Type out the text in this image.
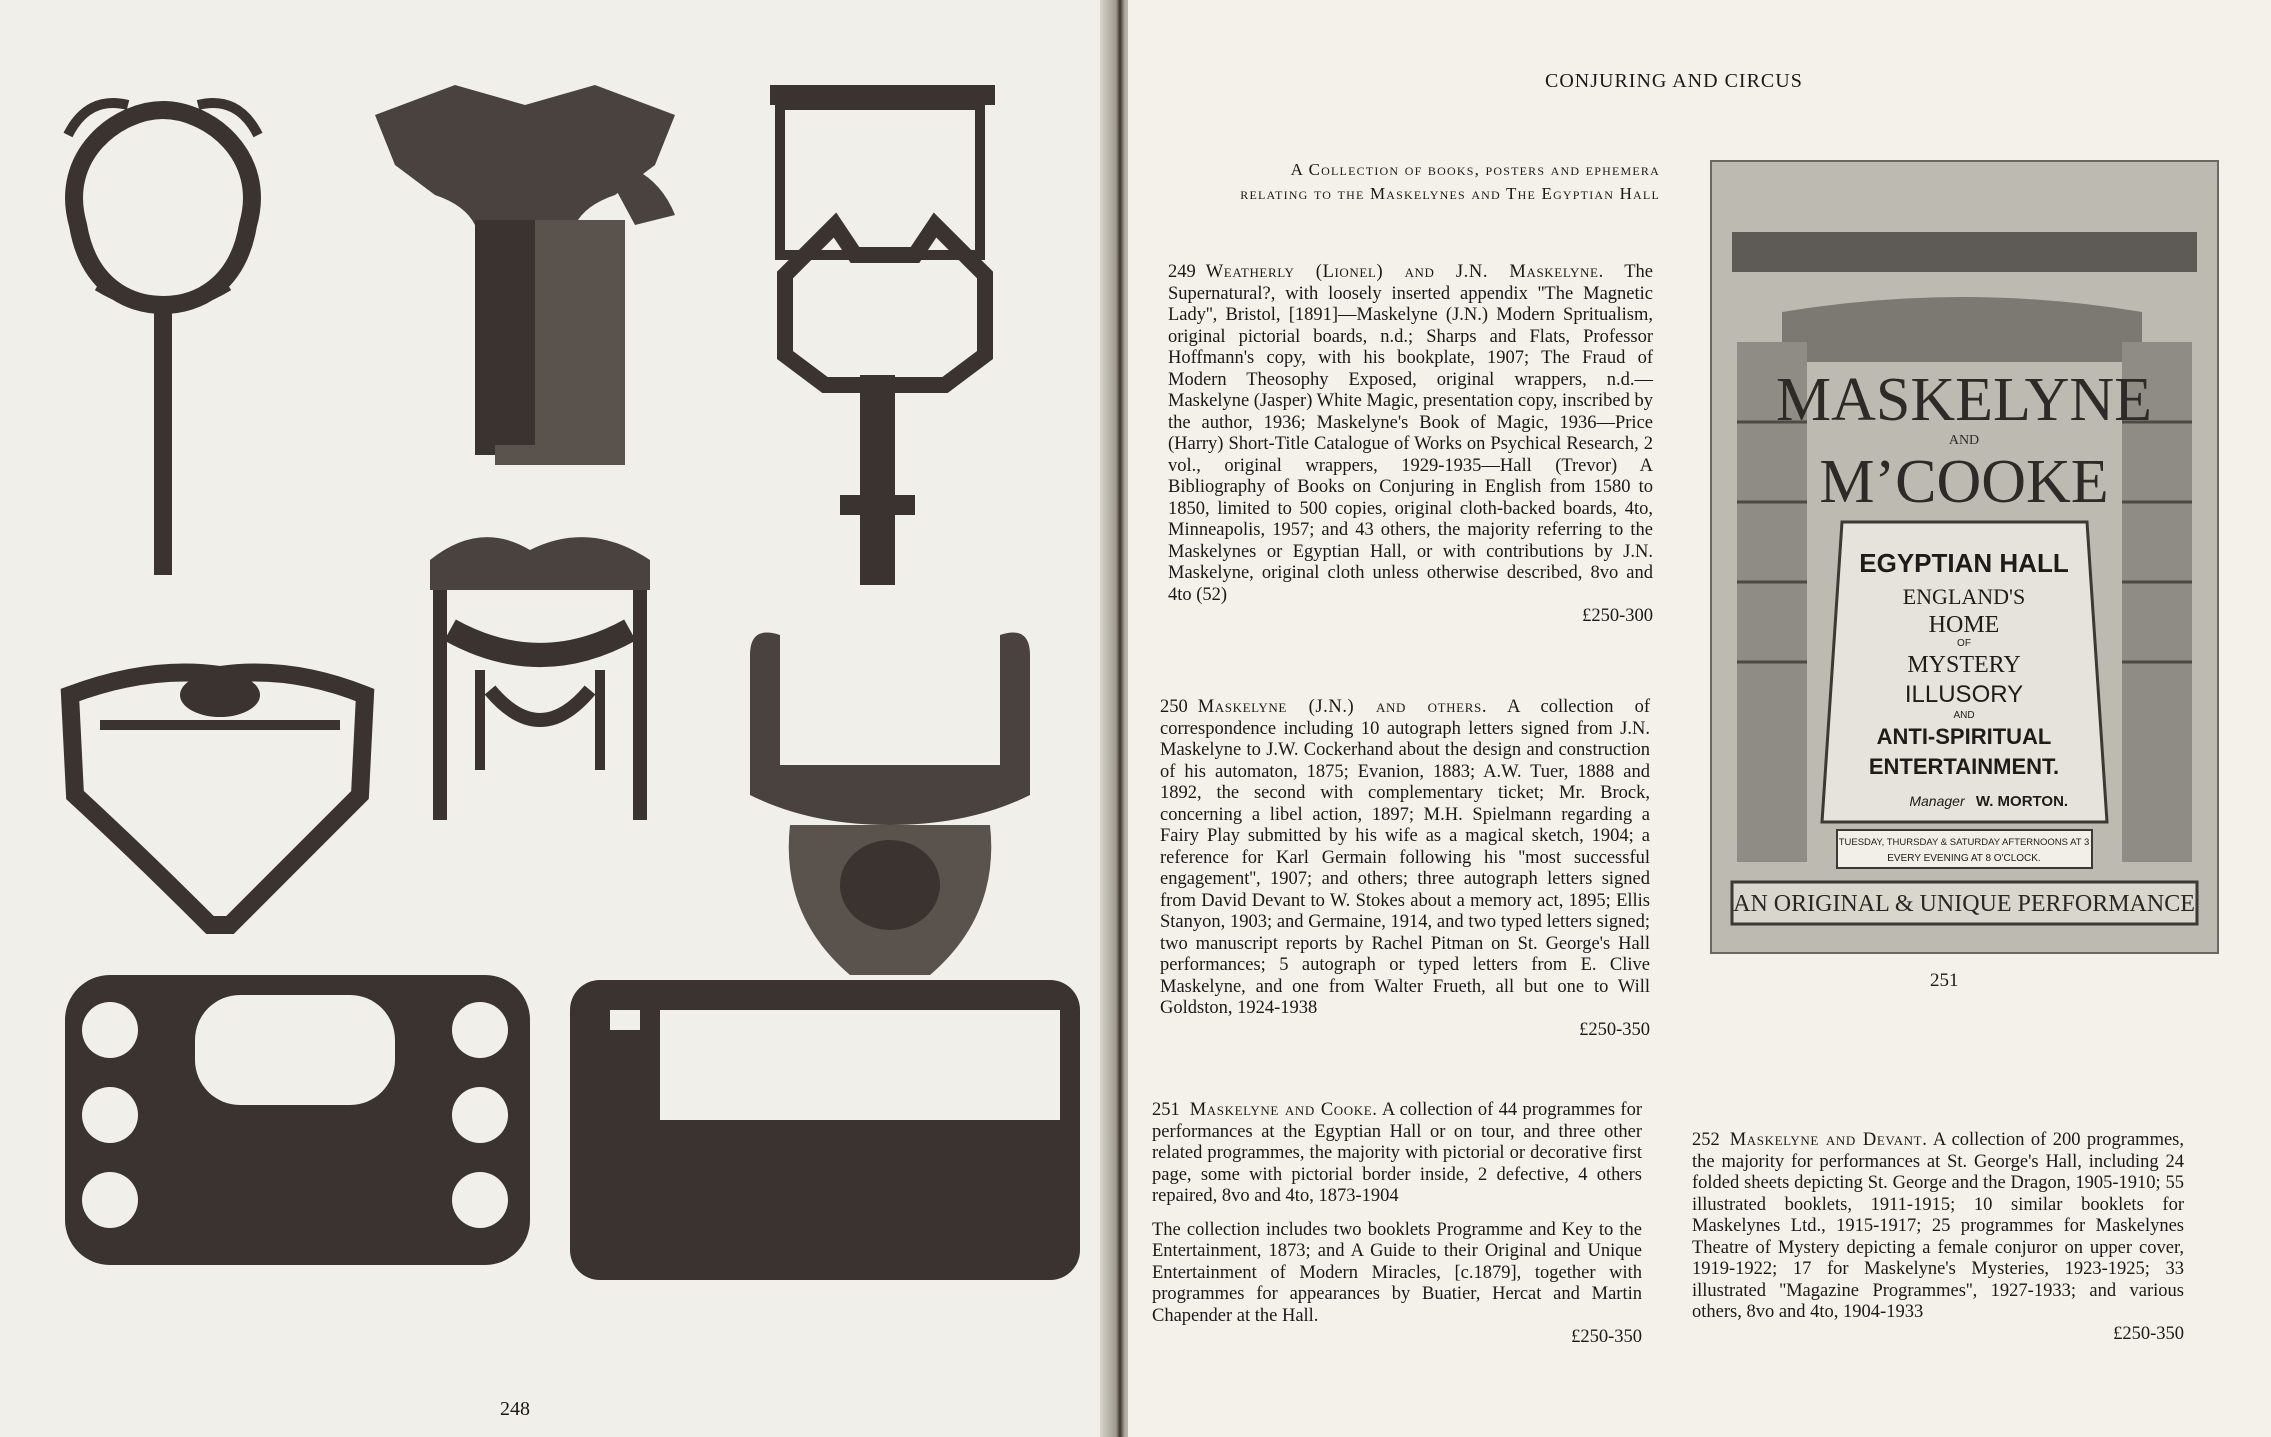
248
CONJURING AND CIRCUS
A Collection of books, posters and ephemera
relating to the Maskelynes and The Egyptian Hall
249 Weatherly (Lionel) and J.N. Maskelyne. The Supernatural?, with loosely inserted appendix ''The Magnetic Lady'', Bristol, [1891]—Maskelyne (J.N.) Modern Spritualism, original pictorial boards, n.d.; Sharps and Flats, Professor Hoffmann's copy, with his bookplate, 1907; The Fraud of Modern Theosophy Exposed, original wrappers, n.d.—Maskelyne (Jasper) White Magic, presentation copy, inscribed by the author, 1936; Maskelyne's Book of Magic, 1936—Price (Harry) Short-Title Catalogue of Works on Psychical Research, 2 vol., original wrappers, 1929-1935—Hall (Trevor) A Bibliography of Books on Conjuring in English from 1580 to 1850, limited to 500 copies, original cloth-backed boards, 4to, Minneapolis, 1957; and 43 others, the majority referring to the Maskelynes or Egyptian Hall, or with contributions by J.N. Maskelyne, original cloth unless otherwise described, 8vo and 4to (52)
£250-300
250 Maskelyne (J.N.) and others. A collection of correspondence including 10 autograph letters signed from J.N. Maskelyne to J.W. Cockerhand about the design and construction of his automaton, 1875; Evanion, 1883; A.W. Tuer, 1888 and 1892, the second with complementary ticket; Mr. Brock, concerning a libel action, 1897; M.H. Spielmann regarding a Fairy Play submitted by his wife as a magical sketch, 1904; a reference for Karl Germain following his ''most successful engagement'', 1907; and others; three autograph letters signed from David Devant to W. Stokes about a memory act, 1895; Ellis Stanyon, 1903; and Germaine, 1914, and two typed letters signed; two manuscript reports by Rachel Pitman on St. George's Hall performances; 5 autograph or typed letters from E. Clive Maskelyne, and one from Walter Frueth, all but one to Will Goldston, 1924-1938
£250-350
251 Maskelyne and Cooke. A collection of 44 programmes for performances at the Egyptian Hall or on tour, and three other related programmes, the majority with pictorial or decorative first page, some with pictorial border inside, 2 defective, 4 others repaired, 8vo and 4to, 1873-1904
The collection includes two booklets Programme and Key to the Entertainment, 1873; and A Guide to their Original and Unique Entertainment of Modern Miracles, [c.1879], together with programmes for appearances by Buatier, Hercat and Martin Chapender at the Hall.
£250-350
252 Maskelyne and Devant. A collection of 200 programmes, the majority for performances at St. George's Hall, including 24 folded sheets depicting St. George and the Dragon, 1905-1910; 55 illustrated booklets, 1911-1915; 10 similar booklets for Maskelynes Ltd., 1915-1917; 25 programmes for Maskelynes Theatre of Mystery depicting a female conjuror on upper cover, 1919-1922; 17 for Maskelyne's Mysteries, 1923-1925; 33 illustrated ''Magazine Programmes'', 1927-1933; and various others, 8vo and 4to, 1904-1933
£250-350
MASKELYNE
AND
M’COOKE
EGYPTIAN HALL
ENGLAND'S
HOME
OF
MYSTERY
ILLUSORY
AND
ANTI-SPIRITUAL
ENTERTAINMENT.
Manager W. MORTON.
TUESDAY, THURSDAY & SATURDAY AFTERNOONS AT 3
EVERY EVENING AT 8 O'CLOCK.
AN ORIGINAL & UNIQUE PERFORMANCE
251
